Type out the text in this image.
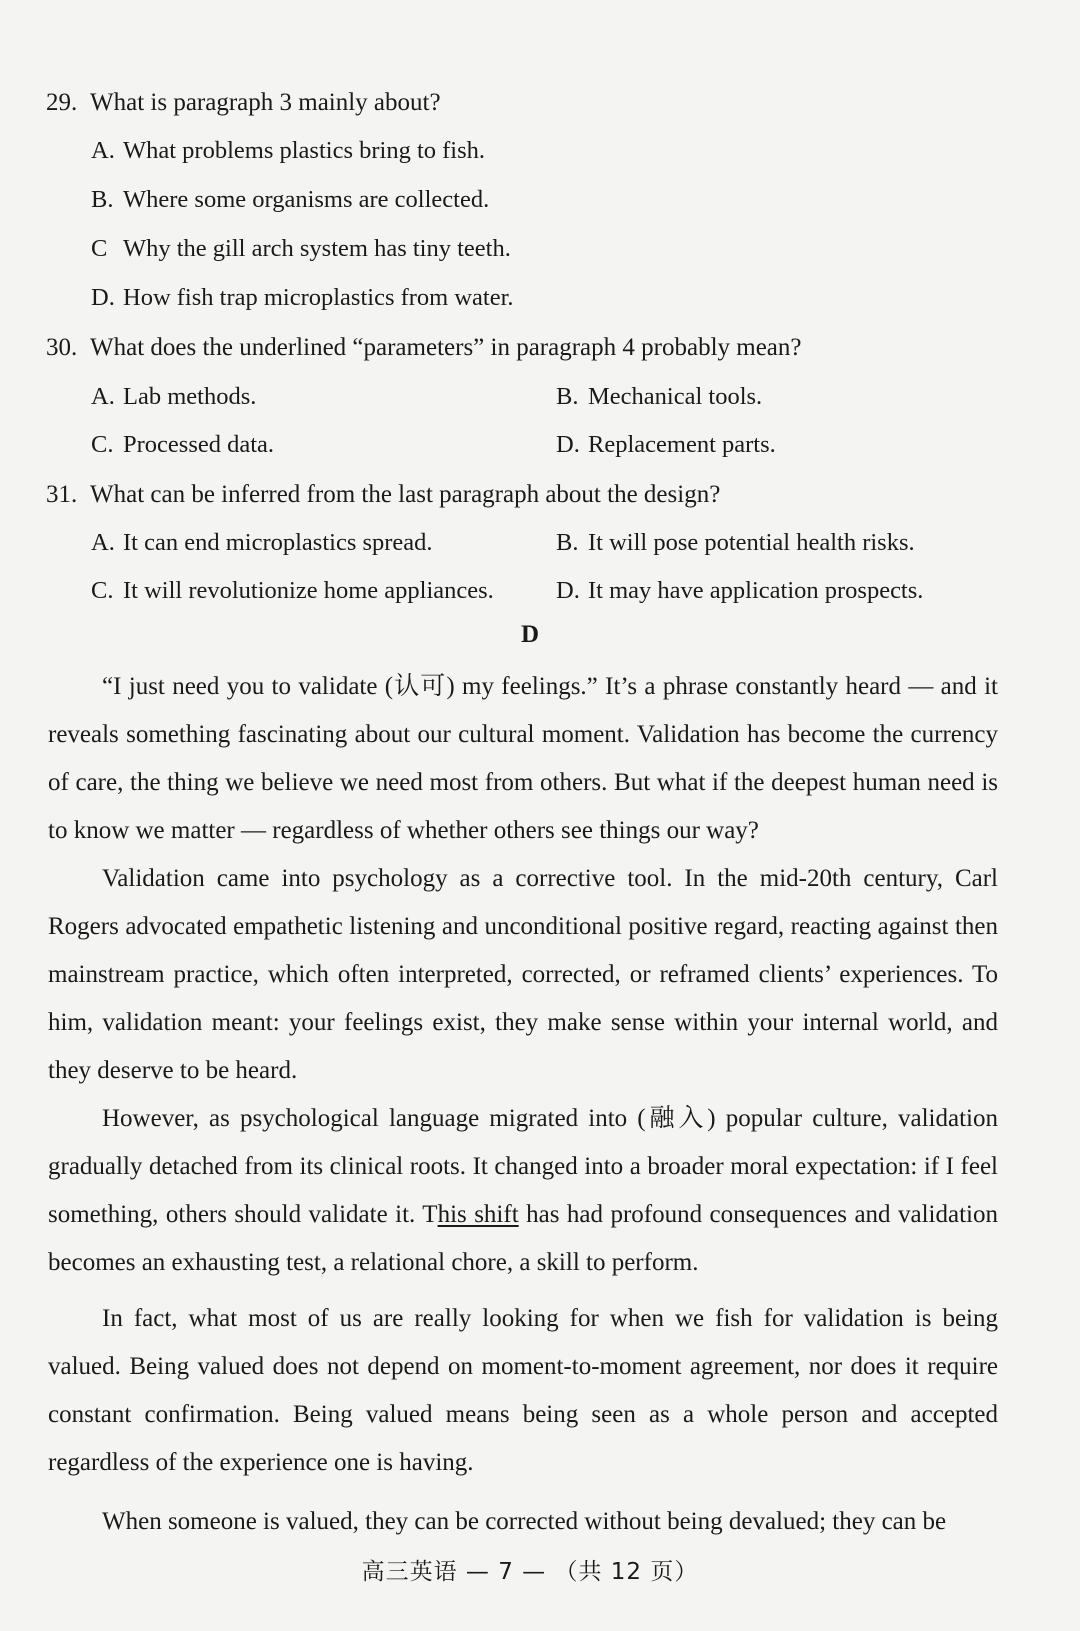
29. What is paragraph 3 mainly about?
A. What problems plastics bring to fish.
B. Where some organisms are collected.
C Why the gill arch system has tiny teeth.
D. How fish trap microplastics from water.
30. What does the underlined “parameters” in paragraph 4 probably mean?
A. Lab methods.	B. Mechanical tools.
C. Processed data.	D. Replacement parts.
31. What can be inferred from the last paragraph about the design?
A. It can end microplastics spread.	B. It will pose potential health risks.
C. It will revolutionize home appliances.	D. It may have application prospects.
D

“I just need you to validate (认可) my feelings.” It’s a phrase constantly heard — and it reveals something fascinating about our cultural moment. Validation has become the currency of care, the thing we believe we need most from others. But what if the deepest human need is to know we matter — regardless of whether others see things our way?

Validation came into psychology as a corrective tool. In the mid-20th century, Carl Rogers advocated empathetic listening and unconditional positive regard, reacting against then mainstream practice, which often interpreted, corrected, or reframed clients’ experiences. To him, validation meant: your feelings exist, they make sense within your internal world, and they deserve to be heard.

However, as psychological language migrated into (融入) popular culture, validation gradually detached from its clinical roots. It changed into a broader moral expectation: if I feel something, others should validate it. This shift has had profound consequences and validation becomes an exhausting test, a relational chore, a skill to perform.

In fact, what most of us are really looking for when we fish for validation is being valued. Being valued does not depend on moment-to-moment agreement, nor does it require constant confirmation. Being valued means being seen as a whole person and accepted regardless of the experience one is having.

When someone is valued, they can be corrected without being devalued; they can be

高三英语 — 7 — （共 12 页）
